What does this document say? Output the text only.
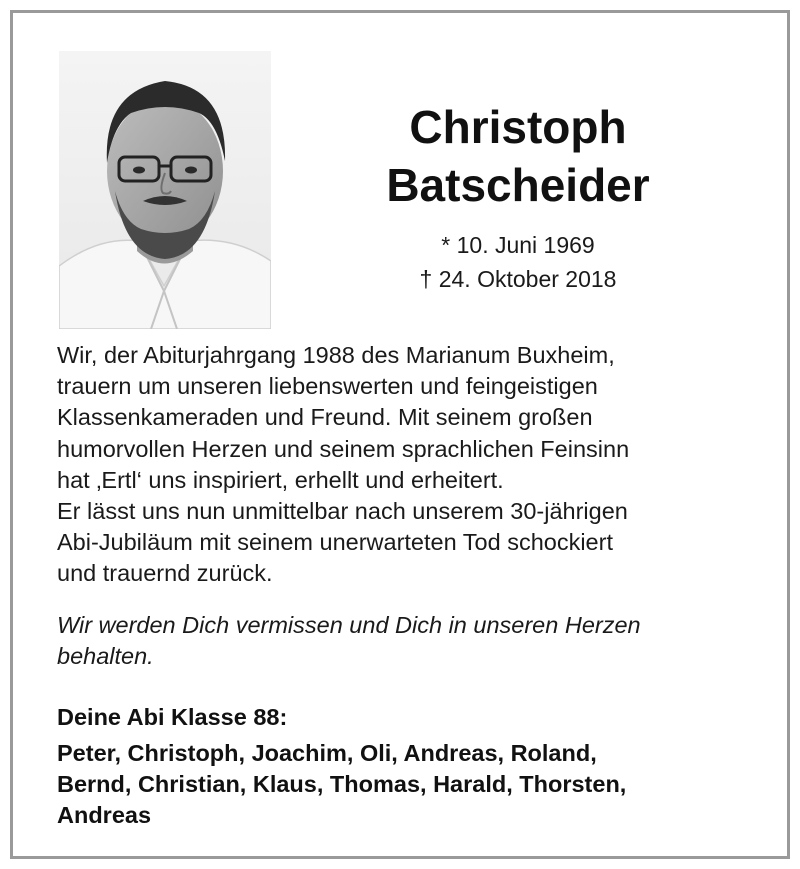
Christoph
Batscheider
* 10. Juni 1969
† 24. Oktober 2018

Wir, der Abiturjahrgang 1988 des Marianum Buxheim,

trauern um unseren liebenswerten und feingeistigen

Klassenkameraden und Freund. Mit seinem großen

humorvollen Herzen und seinem sprachlichen Feinsinn

hat ‚Ertl‘ uns inspiriert, erhellt und erheitert.

Er lässt uns nun unmittelbar nach unserem 30-jährigen

Abi-Jubiläum mit seinem unerwarteten Tod schockiert

und trauernd zurück.

Wir werden Dich vermissen und Dich in unseren Herzen

behalten.

Deine Abi Klasse 88:

Peter, Christoph, Joachim, Oli, Andreas, Roland,

Bernd, Christian, Klaus, Thomas, Harald, Thorsten,

Andreas
